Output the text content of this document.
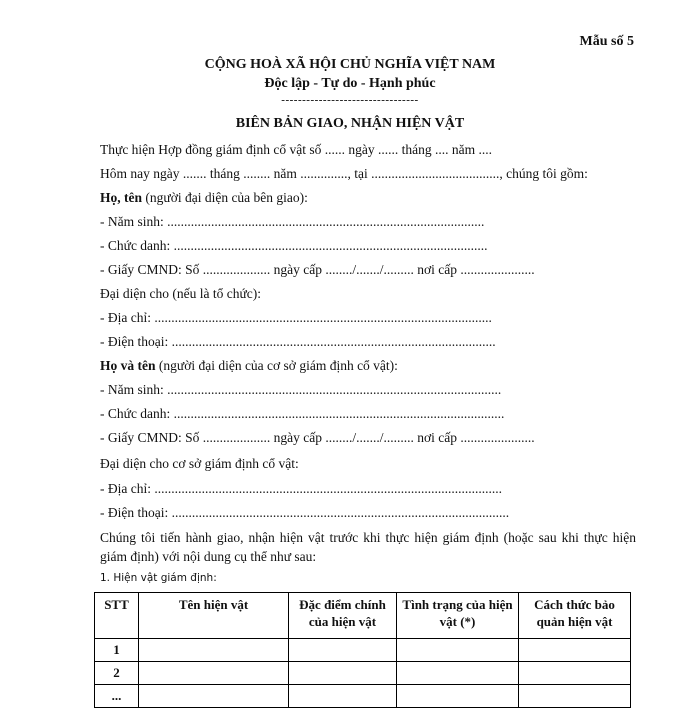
Mẫu số 5
CỘNG HOÀ XÃ HỘI CHỦ NGHĨA VIỆT NAM
Độc lập - Tự do - Hạnh phúc
---------------------------------
BIÊN BẢN GIAO, NHẬN HIỆN VẬT
Thực hiện Hợp đồng giám định cổ vật số ...... ngày ...... tháng .... năm ....
Hôm nay ngày ....... tháng ........ năm .............., tại ......................................, chúng tôi gồm:
Họ, tên (người đại diện của bên giao):
- Năm sinh: ..............................................................................................
- Chức danh: .............................................................................................
- Giấy CMND: Số .................... ngày cấp ......../......./......... nơi cấp ......................
Đại diện cho (nếu là tổ chức):
- Địa chỉ: ....................................................................................................
- Điện thoại: ................................................................................................
Họ và tên (người đại diện của cơ sở giám định cổ vật):
- Năm sinh: ...................................................................................................
- Chức danh: ..................................................................................................
- Giấy CMND: Số .................... ngày cấp ......../......./......... nơi cấp ......................
Đại diện cho cơ sở giám định cổ vật:
- Địa chỉ: .......................................................................................................
- Điện thoại: ....................................................................................................
Chúng tôi tiến hành giao, nhận hiện vật trước khi thực hiện giám định (hoặc sau khi thực hiện giám định) với nội dung cụ thể như sau:
1. Hiện vật giám định:
STT	Tên hiện vật	Đặc điểm chính của hiện vật	Tình trạng của hiện vật (*)	Cách thức bảo quản hiện vật
1				
2				
...				
